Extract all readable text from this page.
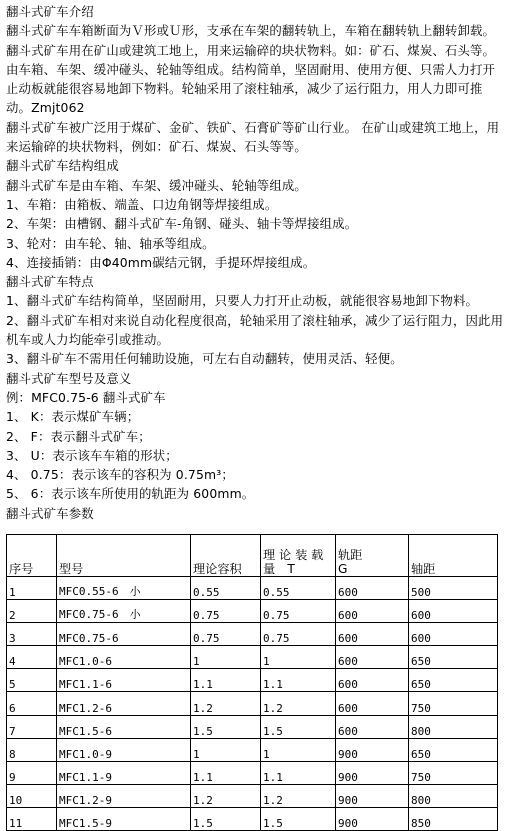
翻斗式矿车介绍

翻斗式矿车车箱断面为Ｖ形或Ｕ形，支承在车架的翻转轨上，车箱在翻转轨上翻转卸载。 翻斗式矿车用在矿山或建筑工地上，用来运输碎的块状物料。如：矿石、煤炭、石头等。由车箱、车架、缓冲碰头、轮轴等组成。结构简单，坚固耐用、使用方便、只需人力打开止动板就能很容易地卸下物料。轮轴采用了滚柱轴承，减少了运行阻力，用人力即可推动。Zmjt062

翻斗式矿车被广泛用于煤矿、金矿、铁矿、石膏矿等矿山行业。 在矿山或建筑工地上，用来运输碎的块状物料，例如：矿石、煤炭、石头等等。

翻斗式矿车结构组成

翻斗式矿车是由车箱、车架、缓冲碰头、轮轴等组成。

1、车箱：由箱板、端盖、口边角钢等焊接组成。

2、车架：由槽钢、翻斗式矿车-角钢、碰头、轴卡等焊接组成。

3、轮对：由车轮、轴、轴承等组成。

4、连接插销：由Φ40mm碳结元钢，手提环焊接组成。

翻斗式矿车特点

1、翻斗式矿车结构简单，坚固耐用，只要人力打开止动板，就能很容易地卸下物料。

2、翻斗式矿车相对来说自动化程度很高，轮轴采用了滚柱轴承，减少了运行阻力，因此用机车或人力均能牵引或推动。

3、翻斗矿车不需用任何辅助设施，可左右自动翻转，使用灵活、轻便。

翻斗式矿车型号及意义

例：MFC0.75-6 翻斗式矿车

1、 K：表示煤矿车辆；

2、 F：表示翻斗式矿车；

3、 U：表示该车车箱的形状；

4、 0.75：表示该车的容积为 0.75m³；

5、 6：表示该车所使用的轨距为 600mm。

翻斗式矿车参数

序号	型号	理论容积	理 论 装 载 量　T	轨距　　　G	轴距
1	MFC0.55-6　小	0.55	0.55	600	500
2	MFC0.75-6　小	0.75	0.75	600	600
3	MFC0.75-6	0.75	0.75	600	600
4	MFC1.0-6	1	1	600	650
5	MFC1.1-6	1.1	1.1	600	650
6	MFC1.2-6	1.2	1.2	600	750
7	MFC1.5-6	1.5	1.5	600	800
8	MFC1.0-9	1	1	900	650
9	MFC1.1-9	1.1	1.1	900	750
10	MFC1.2-9	1.2	1.2	900	800
11	MFC1.5-9	1.5	1.5	900	850
